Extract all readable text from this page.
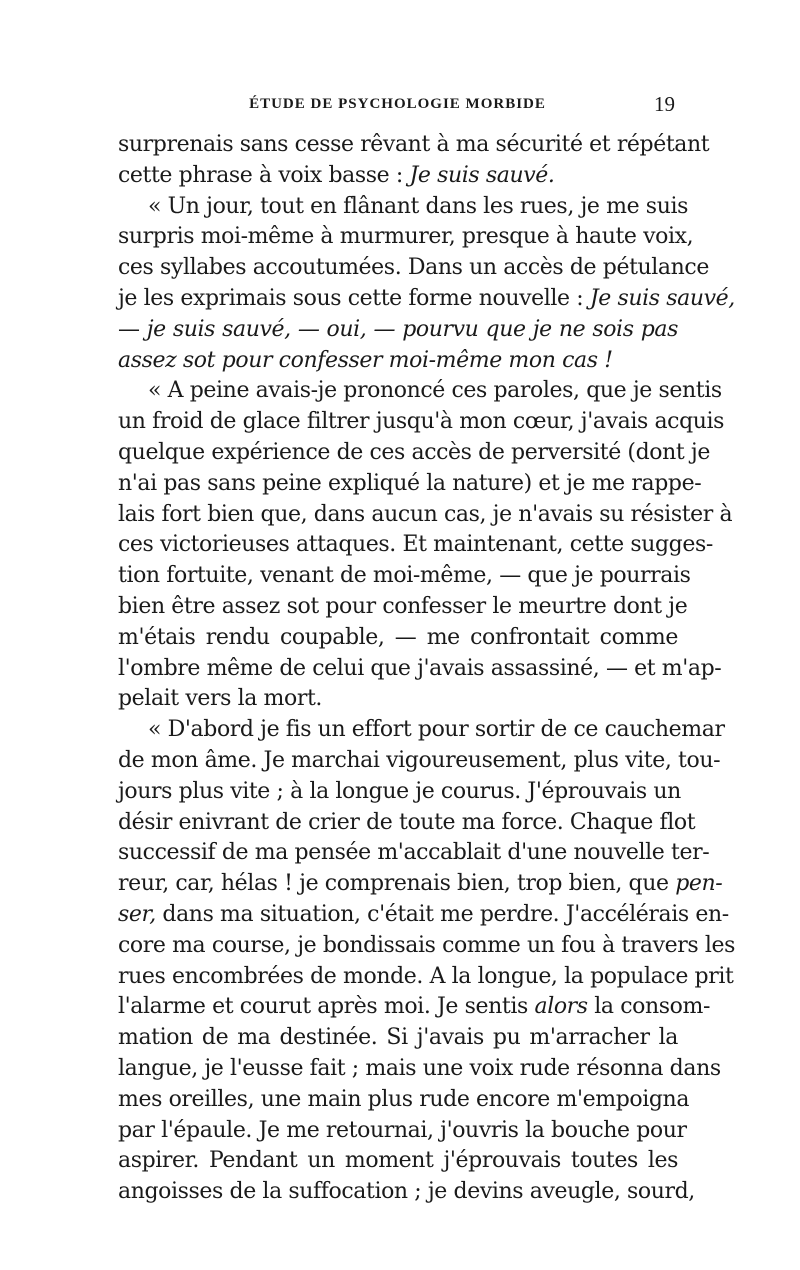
ÉTUDE DE PSYCHOLOGIE MORBIDE	19
surprenais sans cesse rêvant à ma sécurité et répétant
cette phrase à voix basse : Je suis sauvé.
« Un jour, tout en flânant dans les rues, je me suis
surpris moi-même à murmurer, presque à haute voix,
ces syllabes accoutumées. Dans un accès de pétulance
je les exprimais sous cette forme nouvelle : Je suis sauvé,
— je suis sauvé, — oui, — pourvu que je ne sois pas
assez sot pour confesser moi-même mon cas !
« A peine avais-je prononcé ces paroles, que je sentis
un froid de glace filtrer jusqu'à mon cœur, j'avais acquis
quelque expérience de ces accès de perversité (dont je
n'ai pas sans peine expliqué la nature) et je me rappe-
lais fort bien que, dans aucun cas, je n'avais su résister à
ces victorieuses attaques. Et maintenant, cette sugges-
tion fortuite, venant de moi-même, — que je pourrais
bien être assez sot pour confesser le meurtre dont je
m'étais rendu coupable, — me confrontait comme
l'ombre même de celui que j'avais assassiné, — et m'ap-
pelait vers la mort.
« D'abord je fis un effort pour sortir de ce cauchemar
de mon âme. Je marchai vigoureusement, plus vite, tou-
jours plus vite ; à la longue je courus. J'éprouvais un
désir enivrant de crier de toute ma force. Chaque flot
successif de ma pensée m'accablait d'une nouvelle ter-
reur, car, hélas ! je comprenais bien, trop bien, que pen-
ser, dans ma situation, c'était me perdre. J'accélérais en-
core ma course, je bondissais comme un fou à travers les
rues encombrées de monde. A la longue, la populace prit
l'alarme et courut après moi. Je sentis alors la consom-
mation de ma destinée. Si j'avais pu m'arracher la
langue, je l'eusse fait ; mais une voix rude résonna dans
mes oreilles, une main plus rude encore m'empoigna
par l'épaule. Je me retournai, j'ouvris la bouche pour
aspirer. Pendant un moment j'éprouvais toutes les
angoisses de la suffocation ; je devins aveugle, sourd,
